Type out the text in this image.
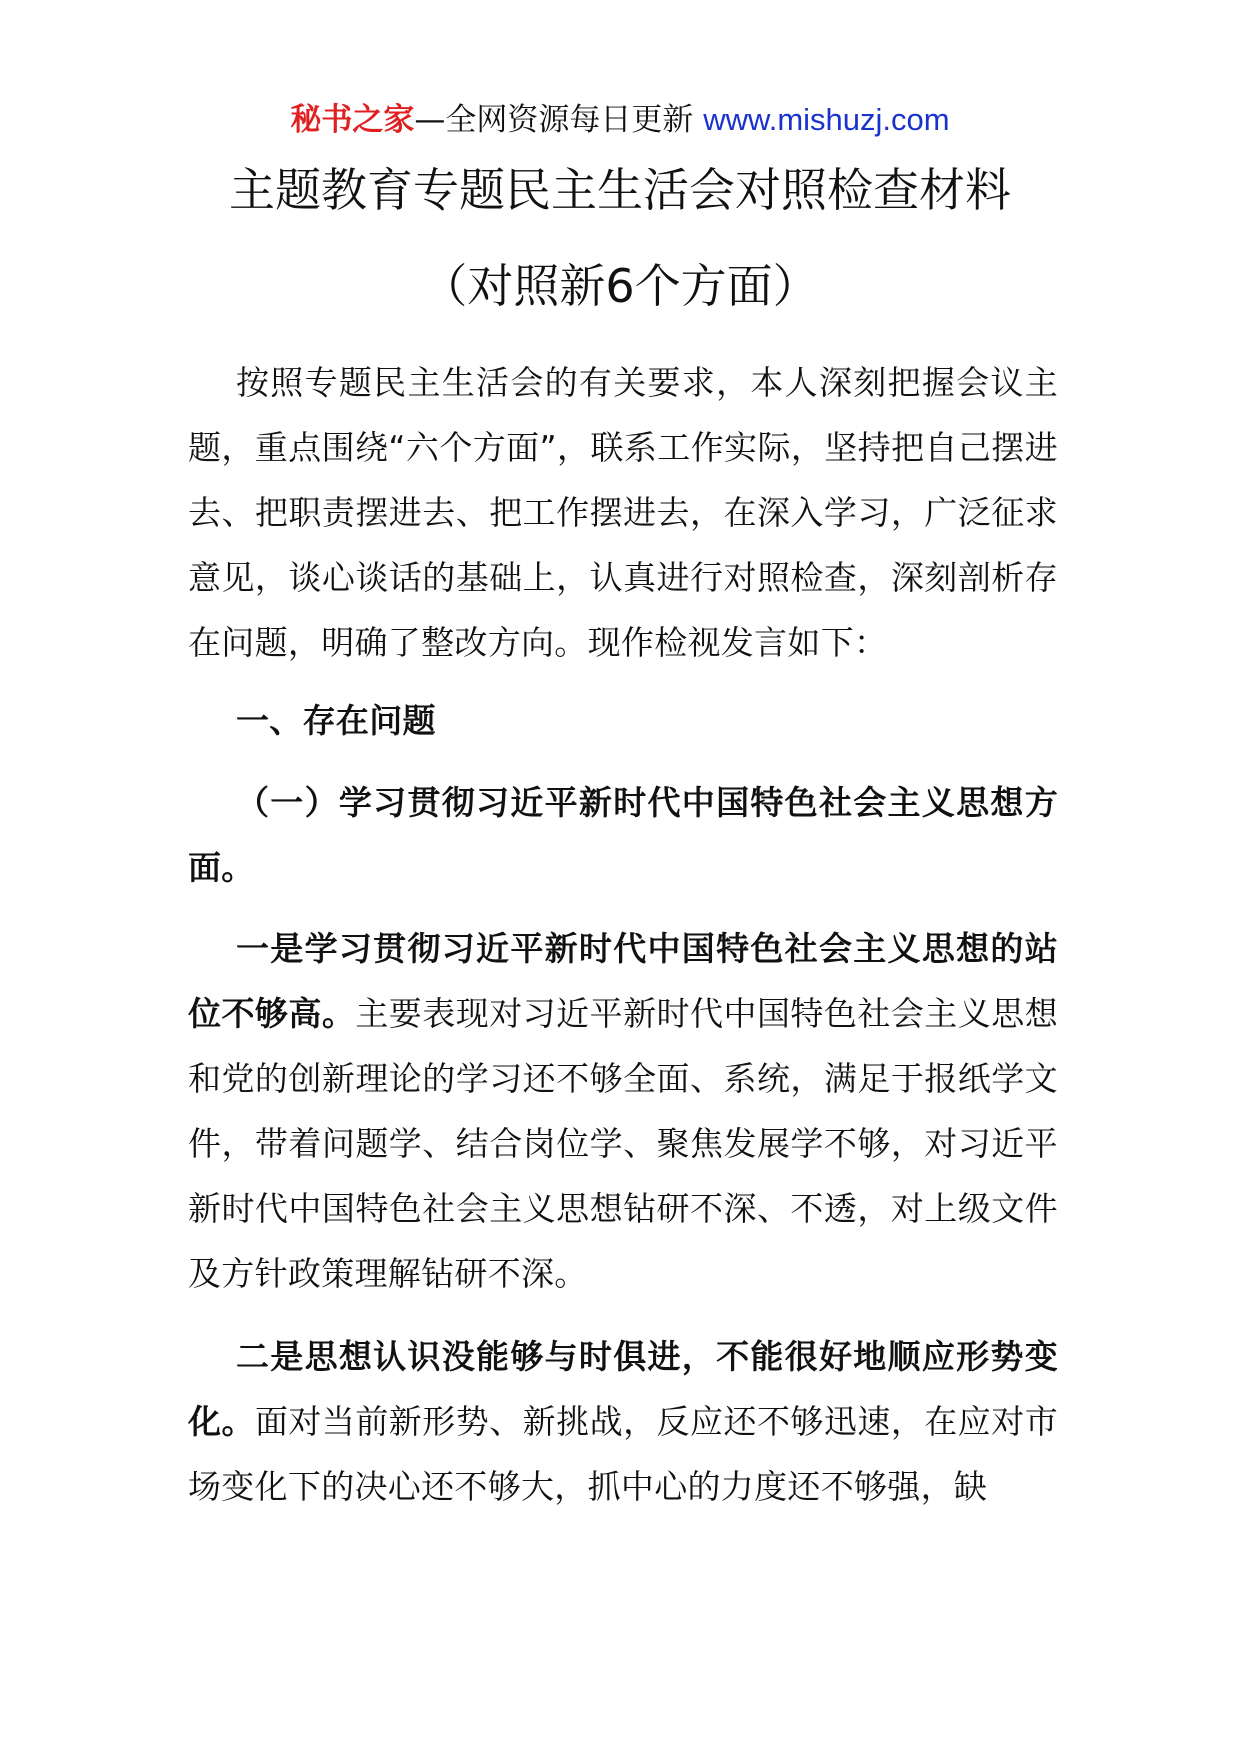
秘书之家—全网资源每日更新 www.mishuzj.com
主题教育专题民主生活会对照检查材料
（对照新6个方面）

按照专题民主生活会的有关要求，本人深刻把握会议主题，重点围绕“六个方面”，联系工作实际，坚持把自己摆进去、把职责摆进去、把工作摆进去，在深入学习，广泛征求意见，谈心谈话的基础上，认真进行对照检查，深刻剖析存在问题，明确了整改方向。现作检视发言如下：

一、存在问题

（一）学习贯彻习近平新时代中国特色社会主义思想方面。

一是学习贯彻习近平新时代中国特色社会主义思想的站位不够高。主要表现对习近平新时代中国特色社会主义思想和党的创新理论的学习还不够全面、系统，满足于报纸学文件，带着问题学、结合岗位学、聚焦发展学不够，对习近平新时代中国特色社会主义思想钻研不深、不透，对上级文件及方针政策理解钻研不深。

二是思想认识没能够与时俱进，不能很好地顺应形势变化。面对当前新形势、新挑战，反应还不够迅速，在应对市场变化下的决心还不够大，抓中心的力度还不够强，缺
